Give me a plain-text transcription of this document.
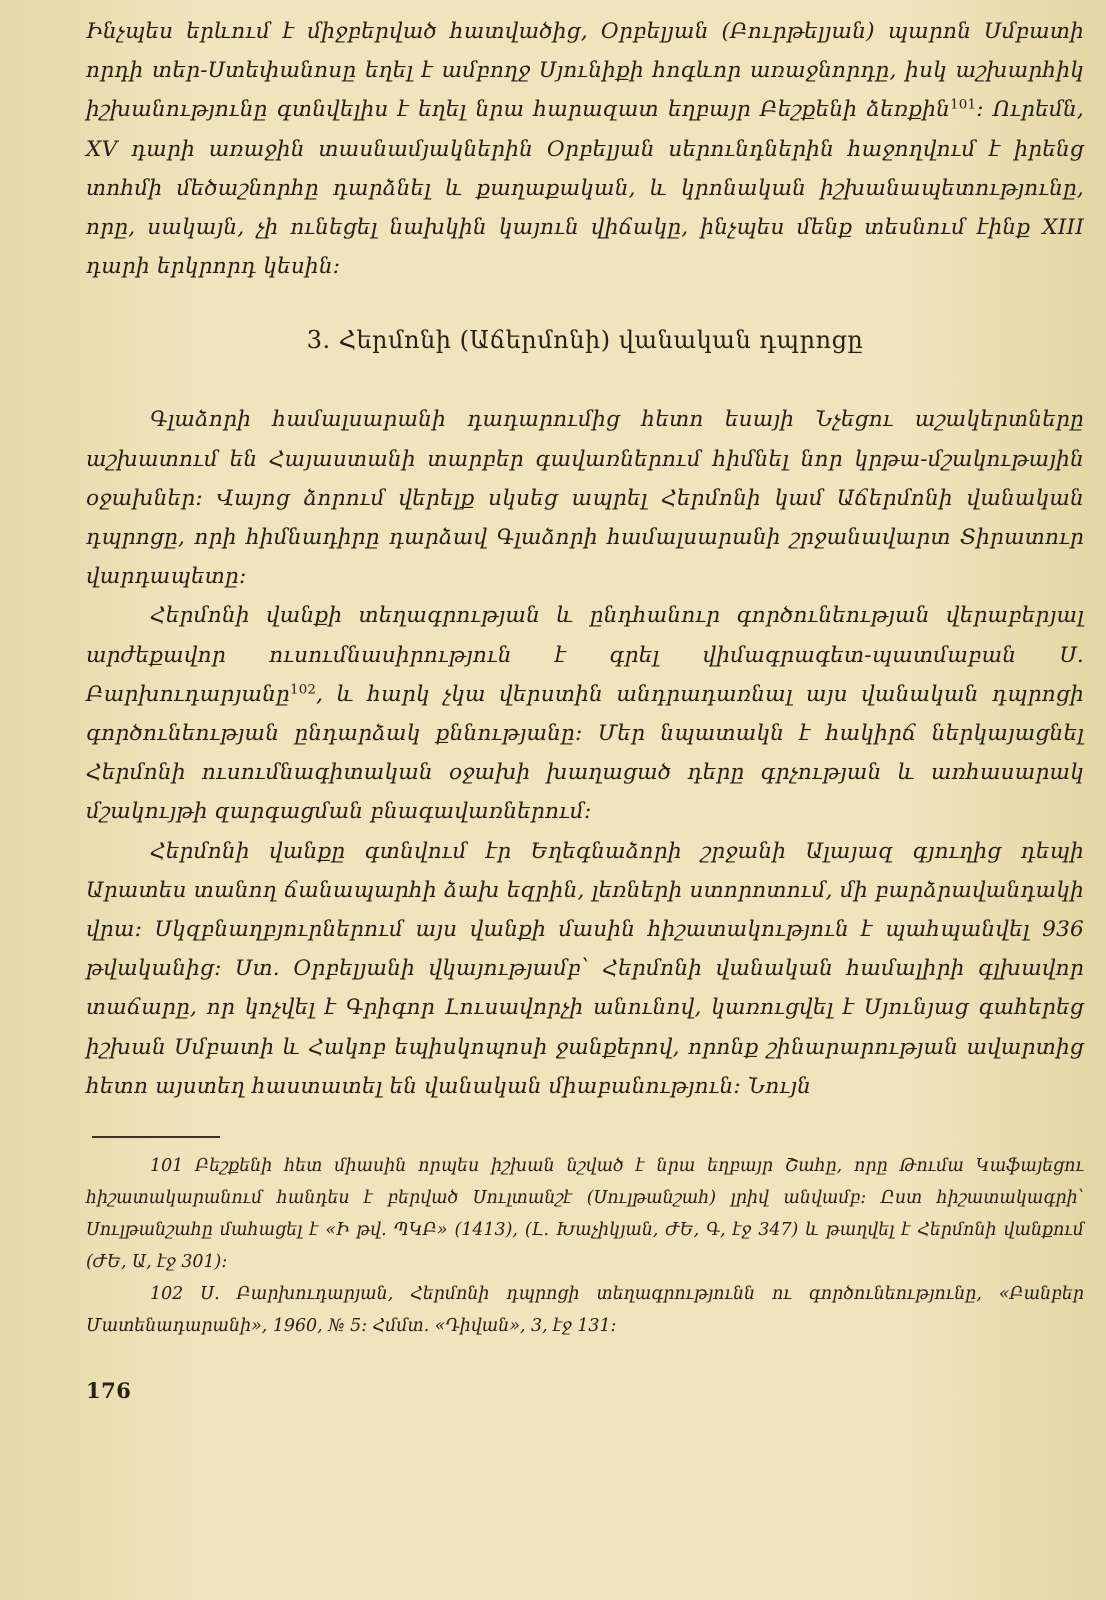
Ինչպես երևում է միջբերված հատվածից, Օրբելյան (Բուրթելյան) պարոն Սմբատի որդի տեր-Ստեփանոսը եղել է ամբողջ Սյունիքի հոգևոր առաջնորդը, իսկ աշխարհիկ իշխանությունը գտնվելիս է եղել նրա հարազատ եղբայր Բեշքենի ձեռքին$^{101}$։ Ուրեմն, XV դարի առաջին տասնամյակներին Օրբելյան սերունդներին հաջողվում է իրենց տոհմի մեծաշնորհը դարձնել և քաղաքական, և կրոնական իշխանապետությունը, որը, սակայն, չի ունեցել նախկին կայուն վիճակը, ինչպես մենք տեսնում էինք XIII դարի երկրորդ կեսին։

3. Հերմոնի (Աճերմոնի) վանական դպրոցը

Գլաձորի համալսարանի դադարումից հետո եսայի Նչեցու աշակերտները աշխատում են Հայաստանի տարբեր գավառներում հիմնել նոր կրթա-մշակութային օջախներ։ Վայոց ձորում վերելք սկսեց ապրել Հերմոնի կամ Աճերմոնի վանական դպրոցը, որի հիմնադիրը դարձավ Գլաձորի համալսարանի շրջանավարտ Տիրատուր վարդապետը։

Հերմոնի վանքի տեղագրության և ընդհանուր գործունեության վերաբերյալ արժեքավոր ուսումնասիրություն է գրել վիմագրագետ-պատմաբան Ս. Բարխուդարյանը$^{102}$, և հարկ չկա վերստին անդրադառնալ այս վանական դպրոցի գործունեության ընդարձակ քննությանը։ Մեր նպատակն է հակիրճ ներկայացնել Հերմոնի ուսումնագիտական օջախի խաղացած դերը գրչության և առհասարակ մշակույթի զարգացման բնագավառներում։

Հերմոնի վանքը գտնվում էր Եղեգնաձորի շրջանի Ալայազ գյուղից դեպի Արատես տանող ճանապարհի ձախ եզրին, լեռների ստորոտում, մի բարձրավանդակի վրա։ Սկզբնաղբյուրներում այս վանքի մասին հիշատակություն է պահպանվել 936 թվականից։ Ստ. Օրբելյանի վկայությամբ՝ Հերմոնի վանական համալիրի գլխավոր տաճարը, որ կոչվել է Գրիգոր Լուսավորչի անունով, կառուցվել է Սյունյաց գահերեց իշխան Սմբատի և Հակոբ եպիսկոպոսի ջանքերով, որոնք շինարարության ավարտից հետո այստեղ հաստատել են վանական միաբանություն։ Նույն

101 Բեշքենի հետ միասին որպես իշխան նշված է նրա եղբայր Շահը, որը Թումա Կաֆայեցու հիշատակարանում հանդես է բերված Սուլտանշէ (Սուլթանշահ) լրիվ անվամբ։ Ըստ հիշատակագրի՝ Սուլթանշահը մահացել է «Ի թվ. ՊԿԲ» (1413), (Լ. Խաչիկյան, ԺԵ, Գ, էջ 347) և թաղվել է Հերմոնի վանքում (ԺԵ, Ա, էջ 301)։

102 Ս. Բարխուդարյան, Հերմոնի դպրոցի տեղագրությունն ու գործունեությունը, «Բանբեր Մատենադարանի», 1960, № 5։ Հմմտ. «Դիվան», 3, էջ 131։

176
